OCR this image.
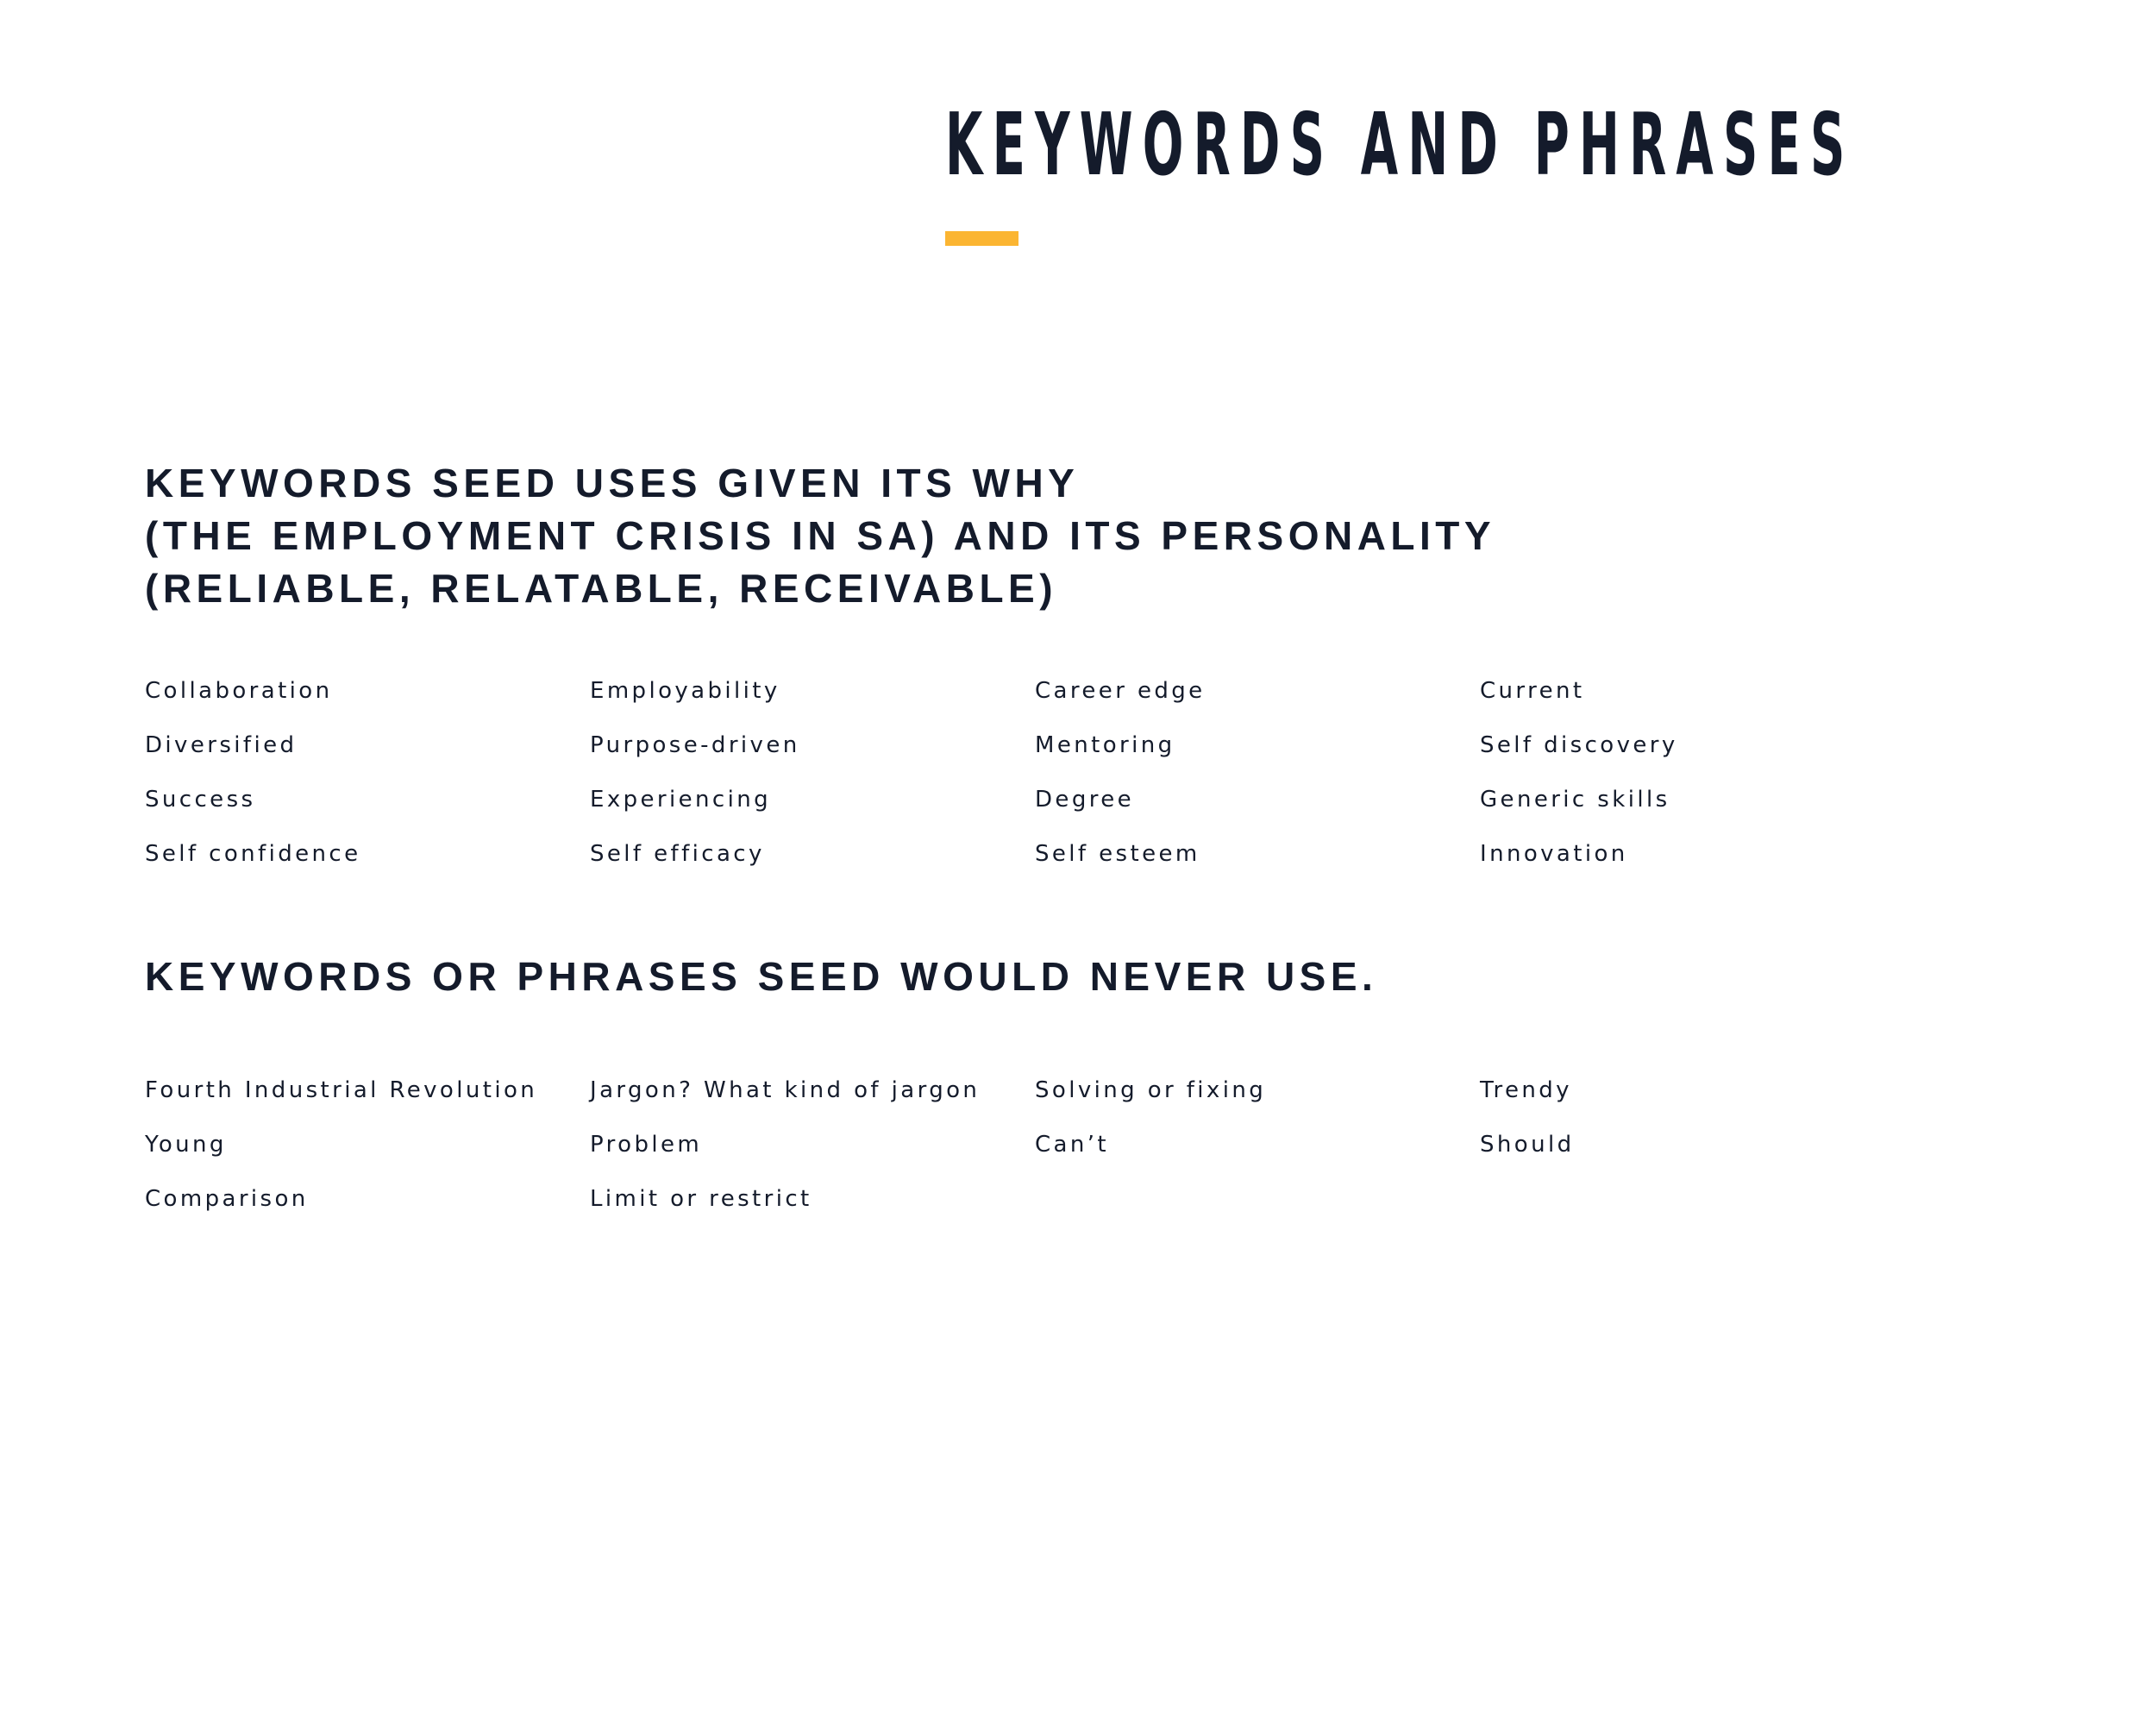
KEYWORDS AND PHRASES
KEYWORDS SEED USES GIVEN ITS WHY
(THE EMPLOYMENT CRISIS IN SA) AND ITS PERSONALITY
(RELIABLE, RELATABLE, RECEIVABLE)
Collaboration	Employability	Career edge	Current
Diversified	Purpose-driven	Mentoring	Self discovery
Success	Experiencing	Degree	Generic skills
Self confidence	Self efficacy	Self esteem	Innovation
KEYWORDS OR PHRASES SEED WOULD NEVER USE.
Fourth Industrial Revolution	Jargon? What kind of jargon	Solving or fixing	Trendy
Young	Problem	Can’t	Should
Comparison	Limit or restrict
